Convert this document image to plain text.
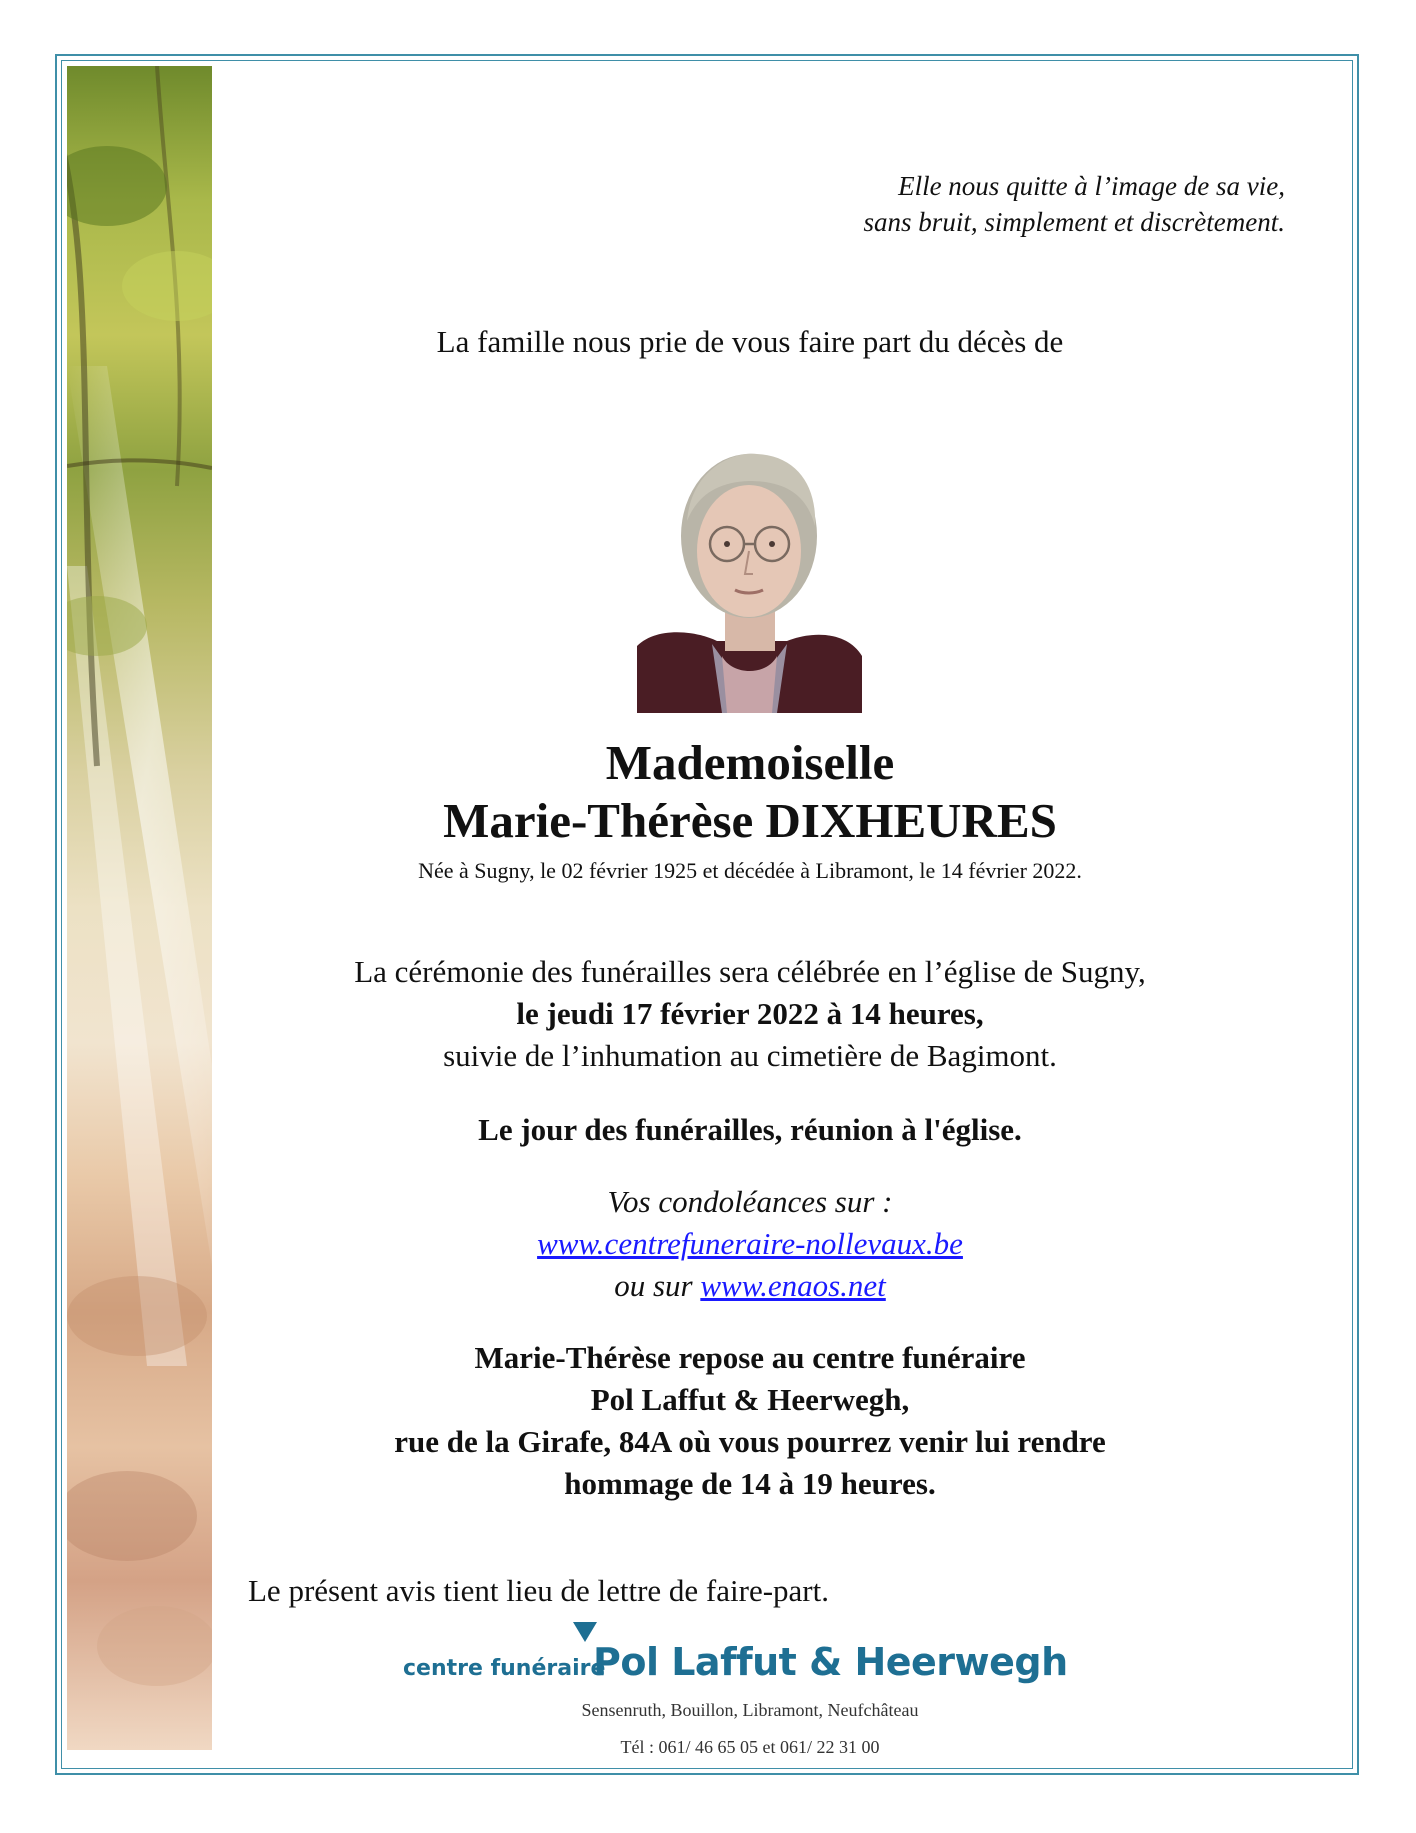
Elle nous quitte à l’image de sa vie,
sans bruit, simplement et discrètement.
La famille nous prie de vous faire part du décès de
Mademoiselle
Marie-Thérèse DIXHEURES
Née à Sugny, le 02 février 1925 et décédée à Libramont, le 14 février 2022.
La cérémonie des funérailles sera célébrée en l’église de Sugny,
le jeudi 17 février 2022 à 14 heures,
suivie de l’inhumation au cimetière de Bagimont.
Le jour des funérailles, réunion à l'église.
Vos condoléances sur :
www.centrefuneraire-nollevaux.be
ou sur www.enaos.net
Marie-Thérèse repose au centre funéraire
Pol Laffut & Heerwegh,
rue de la Girafe, 84A où vous pourrez venir lui rendre
hommage de 14 à 19 heures.
Le présent avis tient lieu de lettre de faire-part.
centre funéraire
Pol Laffut & Heerwegh
Sensenruth, Bouillon, Libramont, Neufchâteau
Tél : 061/ 46 65 05 et 061/ 22 31 00
